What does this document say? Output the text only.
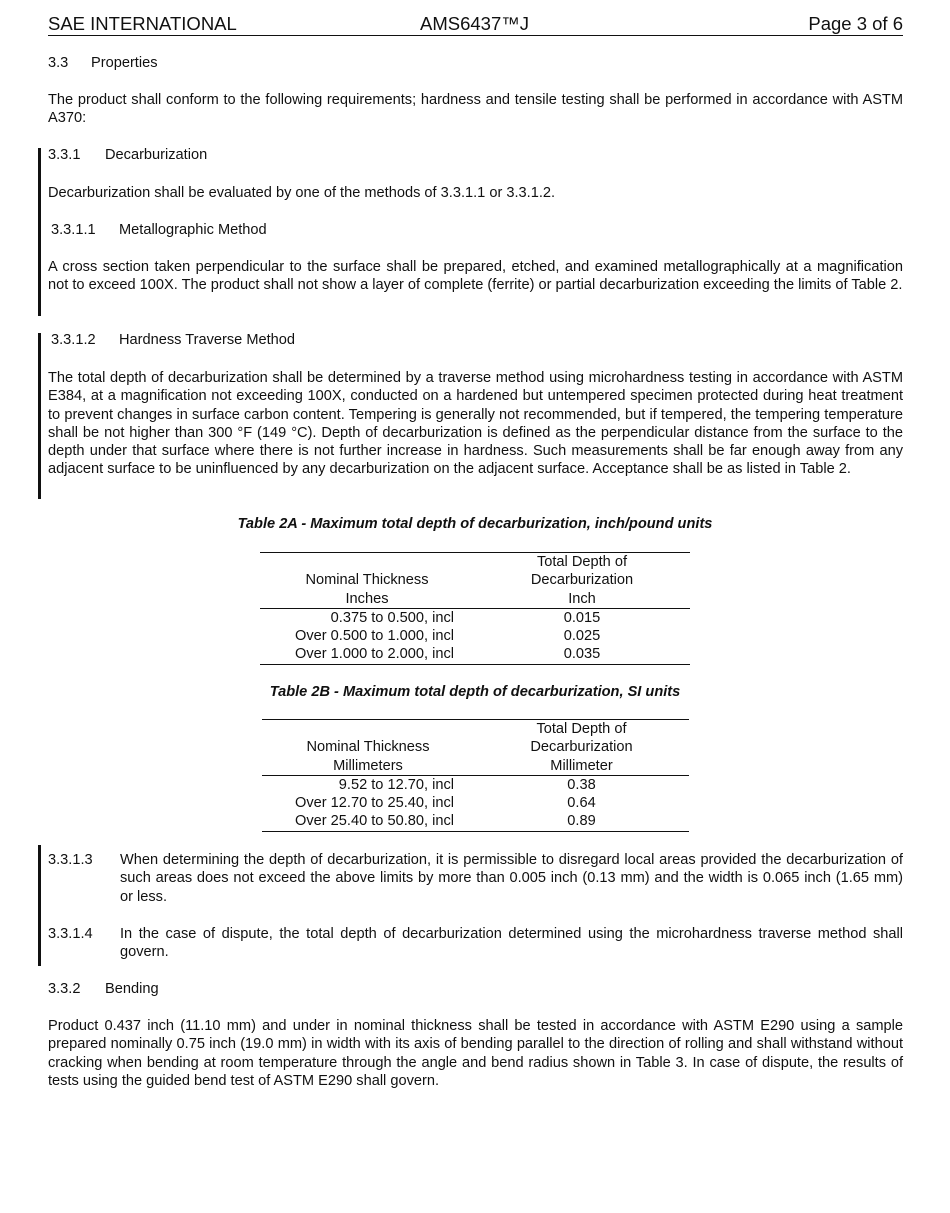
SAE INTERNATIONAL	AMS6437™J	Page 3 of 6
3.3 Properties
The product shall conform to the following requirements; hardness and tensile testing shall be performed in accordance with ASTM A370:
3.3.1 Decarburization
Decarburization shall be evaluated by one of the methods of 3.3.1.1 or 3.3.1.2.
3.3.1.1 Metallographic Method
A cross section taken perpendicular to the surface shall be prepared, etched, and examined metallographically at a magnification not to exceed 100X. The product shall not show a layer of complete (ferrite) or partial decarburization exceeding the limits of Table 2.
3.3.1.2 Hardness Traverse Method
The total depth of decarburization shall be determined by a traverse method using microhardness testing in accordance with ASTM E384, at a magnification not exceeding 100X, conducted on a hardened but untempered specimen protected during heat treatment to prevent changes in surface carbon content. Tempering is generally not recommended, but if tempered, the tempering temperature shall be not higher than 300 °F (149 °C). Depth of decarburization is defined as the perpendicular distance from the surface to the depth under that surface where there is not further increase in hardness. Such measurements shall be far enough away from any adjacent surface to be uninfluenced by any decarburization on the adjacent surface. Acceptance shall be as listed in Table 2.
Table 2A - Maximum total depth of decarburization, inch/pound units
	Total Depth of
Nominal Thickness	Decarburization
Inches	Inch
0.375 to 0.500, incl	0.015
Over 0.500 to 1.000, incl	0.025
Over 1.000 to 2.000, incl	0.035
Table 2B - Maximum total depth of decarburization, SI units
	Total Depth of
Nominal Thickness	Decarburization
Millimeters	Millimeter
9.52 to 12.70, incl	0.38
Over 12.70 to 25.40, incl	0.64
Over 25.40 to 50.80, incl	0.89
3.3.1.3 When determining the depth of decarburization, it is permissible to disregard local areas provided the decarburization of such areas does not exceed the above limits by more than 0.005 inch (0.13 mm) and the width is 0.065 inch (1.65 mm) or less.
3.3.1.4 In the case of dispute, the total depth of decarburization determined using the microhardness traverse method shall govern.
3.3.2 Bending
Product 0.437 inch (11.10 mm) and under in nominal thickness shall be tested in accordance with ASTM E290 using a sample prepared nominally 0.75 inch (19.0 mm) in width with its axis of bending parallel to the direction of rolling and shall withstand without cracking when bending at room temperature through the angle and bend radius shown in Table 3. In case of dispute, the results of tests using the guided bend test of ASTM E290 shall govern.
